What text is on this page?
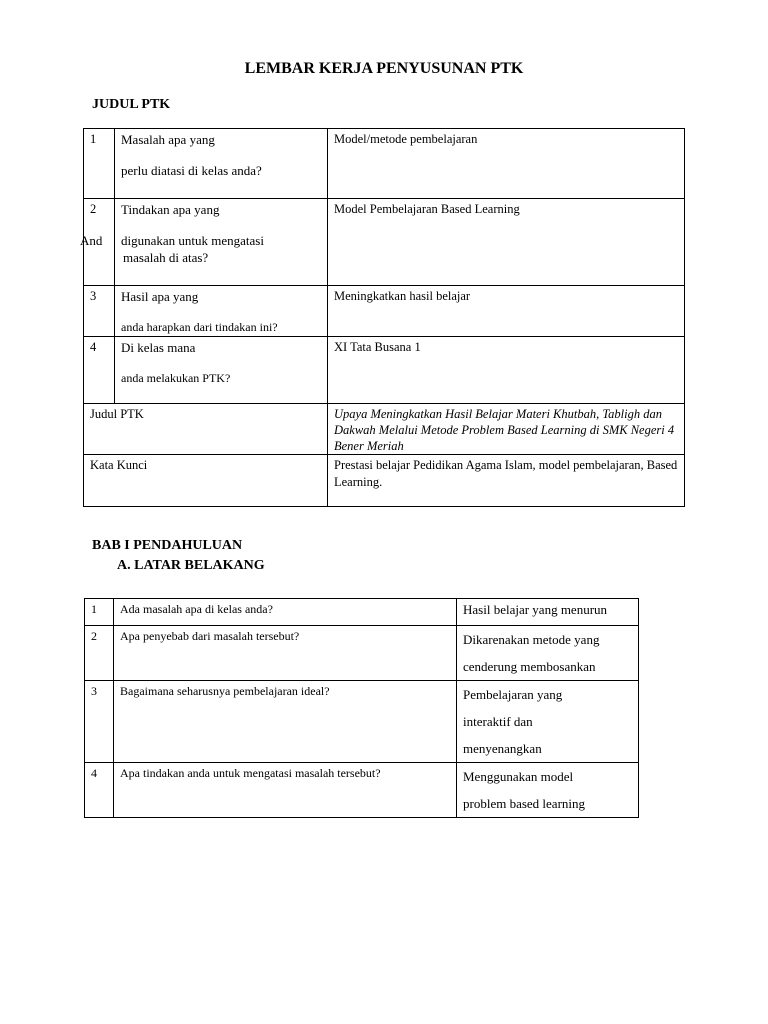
LEMBAR KERJA PENYUSUNAN PTK
JUDUL PTK
1	Masalah apa yang
perlu diatasi di kelas anda?	Model/metode pembelajaran
2	Tindakan apa yang
digunakan untuk mengatasi
masalah di atas?	Model Pembelajaran Based Learning
3	Hasil apa yang
anda harapkan dari tindakan ini?	Meningkatkan hasil belajar
4	Di kelas mana
anda melakukan PTK?	XI Tata Busana 1
Judul PTK		Upaya Meningkatkan Hasil Belajar Materi Khutbah, Tabligh dan Dakwah Melalui Metode Problem Based Learning di SMK Negeri 4 Bener Meriah
Kata Kunci		Prestasi belajar Pedidikan Agama Islam, model pembelajaran, Based Learning.
And
BAB I PENDAHULUAN
A. LATAR BELAKANG
1	Ada masalah apa di kelas anda?	Hasil belajar yang menurun
2	Apa penyebab dari masalah tersebut?	Dikarenakan metode yang
cenderung membosankan

3	Bagaimana seharusnya pembelajaran ideal?	Pembelajaran yang
interaktif dan
menyenangkan

4	Apa tindakan anda untuk mengatasi masalah tersebut?	Menggunakan model
problem based learning
